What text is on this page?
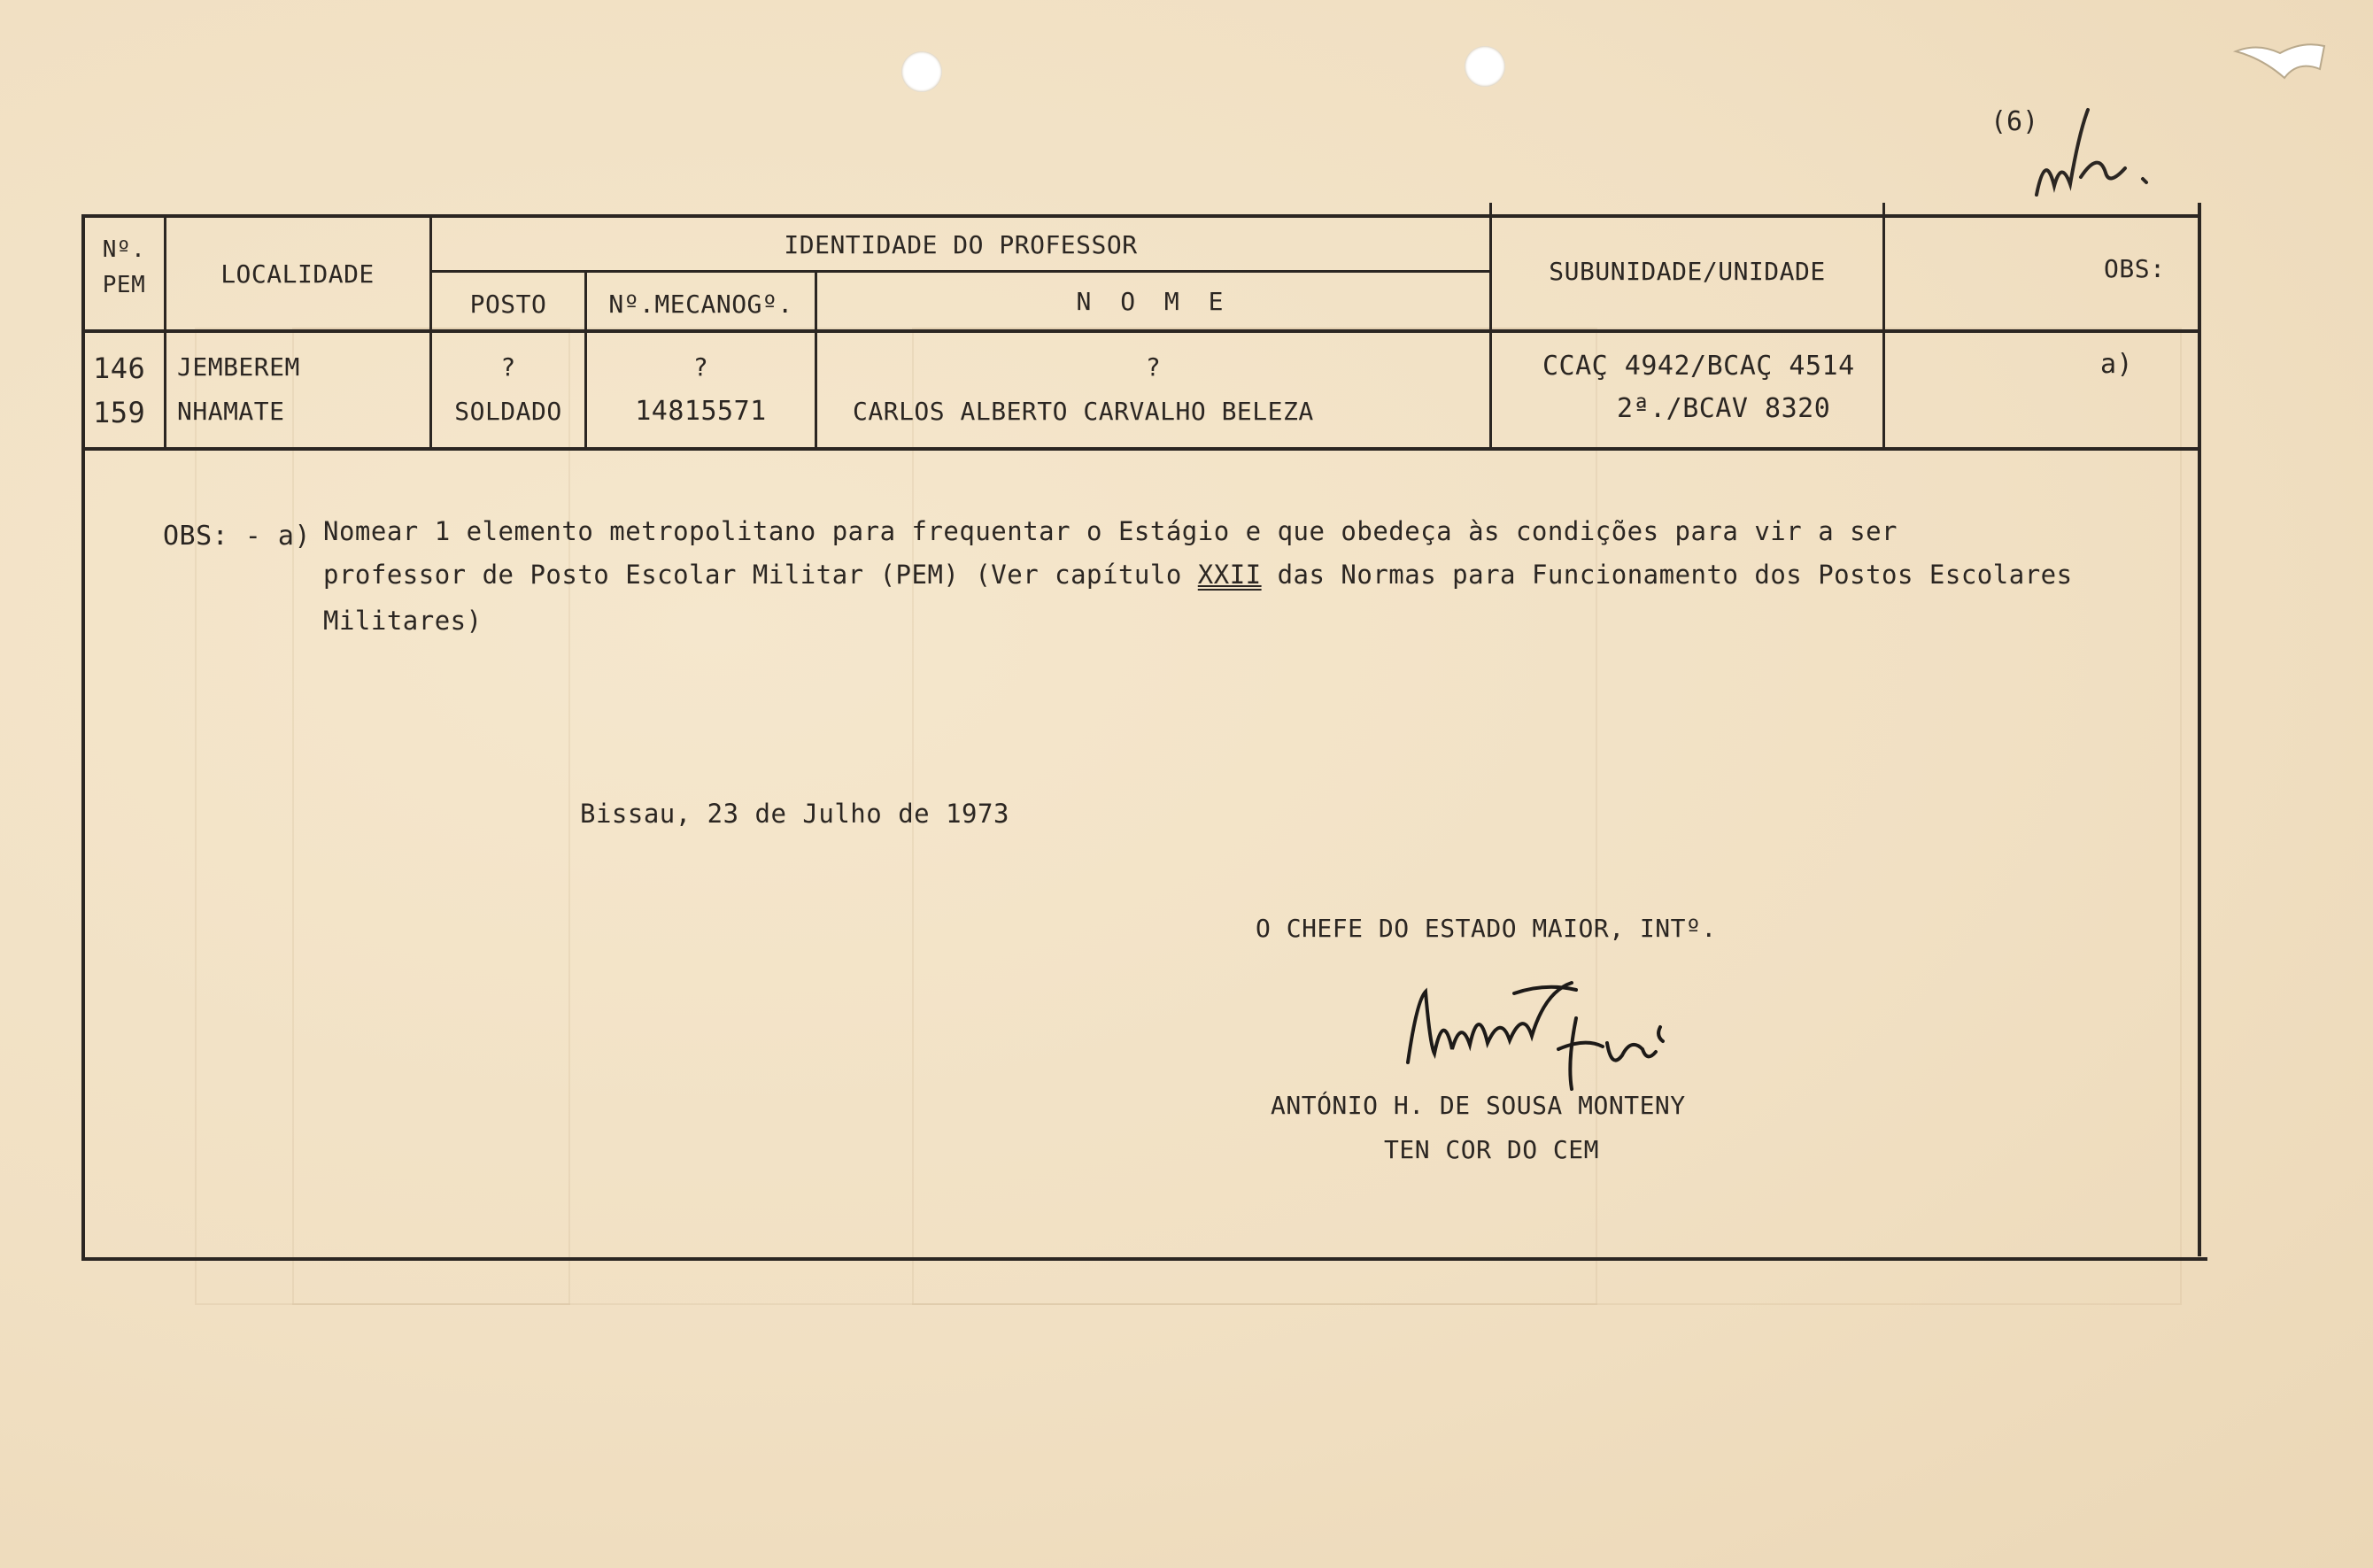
(6)
Nº.
PEM	LOCALIDADE
IDENTIDADE DO PROFESSOR
POSTO	Nº.MECANOGº.	N O M E
SUBUNIDADE/UNIDADE	OBS:
146 JEMBEREM	?	?	?	CCAÇ 4942/BCAÇ 4514	a)
159 NHAMATE	SOLDADO	14815571	CARLOS ALBERTO CARVALHO BELEZA	2ª./BCAV 8320
OBS: - a) Nomear 1 elemento metropolitano para frequentar o Estágio e que obedeça às condições para vir a ser
professor de Posto Escolar Militar (PEM) (Ver capítulo XXII das Normas para Funcionamento dos Postos Escolares
Militares)
Bissau, 23 de Julho de 1973
O CHEFE DO ESTADO MAIOR, INTº.
ANTÓNIO H. DE SOUSA MONTENY
TEN COR DO CEM
